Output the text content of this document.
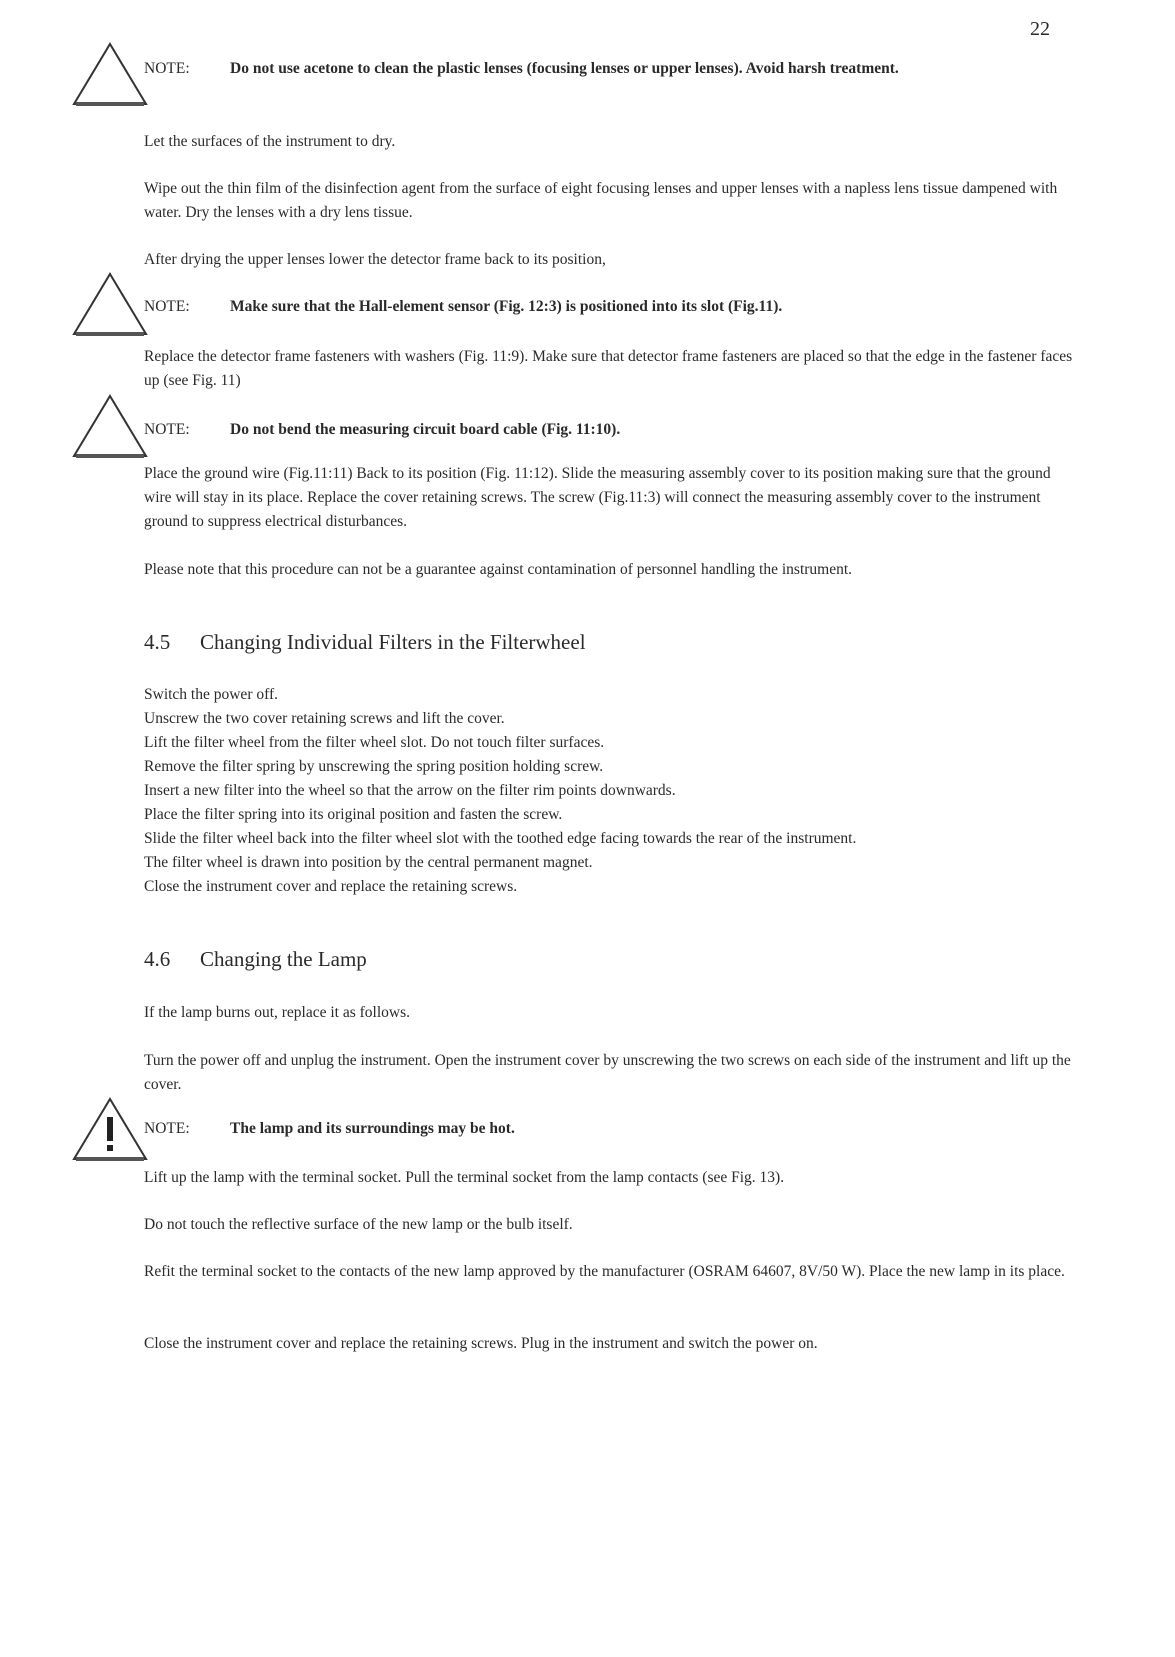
22
NOTE:	Do not use acetone to clean the plastic lenses (focusing lenses or upper lenses). Avoid harsh treatment.

Let the surfaces of the instrument to dry.

Wipe out the thin film of the disinfection agent from the surface of eight focusing lenses and upper lenses with a napless lens tissue dampened with water. Dry the lenses with a dry lens tissue.

After drying the upper lenses lower the detector frame back to its position,

NOTE:	Make sure that the Hall-element sensor (Fig. 12:3) is positioned into its slot (Fig.11).

Replace the detector frame fasteners with washers (Fig. 11:9). Make sure that detector frame fasteners are placed so that the edge in the fastener faces up (see Fig. 11)

NOTE:	Do not bend the measuring circuit board cable (Fig. 11:10).

Place the ground wire (Fig.11:11) Back to its position (Fig. 11:12). Slide the measuring assembly cover to its position making sure that the ground wire will stay in its place. Replace the cover retaining screws. The screw (Fig.11:3) will connect the measuring assembly cover to the instrument ground to suppress electrical disturbances.

Please note that this procedure can not be a guarantee against contamination of personnel handling the instrument.

4.5 Changing Individual Filters in the Filterwheel
Switch the power off.
Unscrew the two cover retaining screws and lift the cover.
Lift the filter wheel from the filter wheel slot. Do not touch filter surfaces.
Remove the filter spring by unscrewing the spring position holding screw.
Insert a new filter into the wheel so that the arrow on the filter rim points downwards.
Place the filter spring into its original position and fasten the screw.
Slide the filter wheel back into the filter wheel slot with the toothed edge facing towards the rear of the instrument.
The filter wheel is drawn into position by the central permanent magnet.
Close the instrument cover and replace the retaining screws.
4.6 Changing the Lamp

If the lamp burns out, replace it as follows.

Turn the power off and unplug the instrument. Open the instrument cover by unscrewing the two screws on each side of the instrument and lift up the cover.

NOTE:	The lamp and its surroundings may be hot.

Lift up the lamp with the terminal socket. Pull the terminal socket from the lamp contacts (see Fig. 13).

Do not touch the reflective surface of the new lamp or the bulb itself.

Refit the terminal socket to the contacts of the new lamp approved by the manufacturer (OSRAM 64607, 8V/50 W). Place the new lamp in its place.

Close the instrument cover and replace the retaining screws. Plug in the instrument and switch the power on.
